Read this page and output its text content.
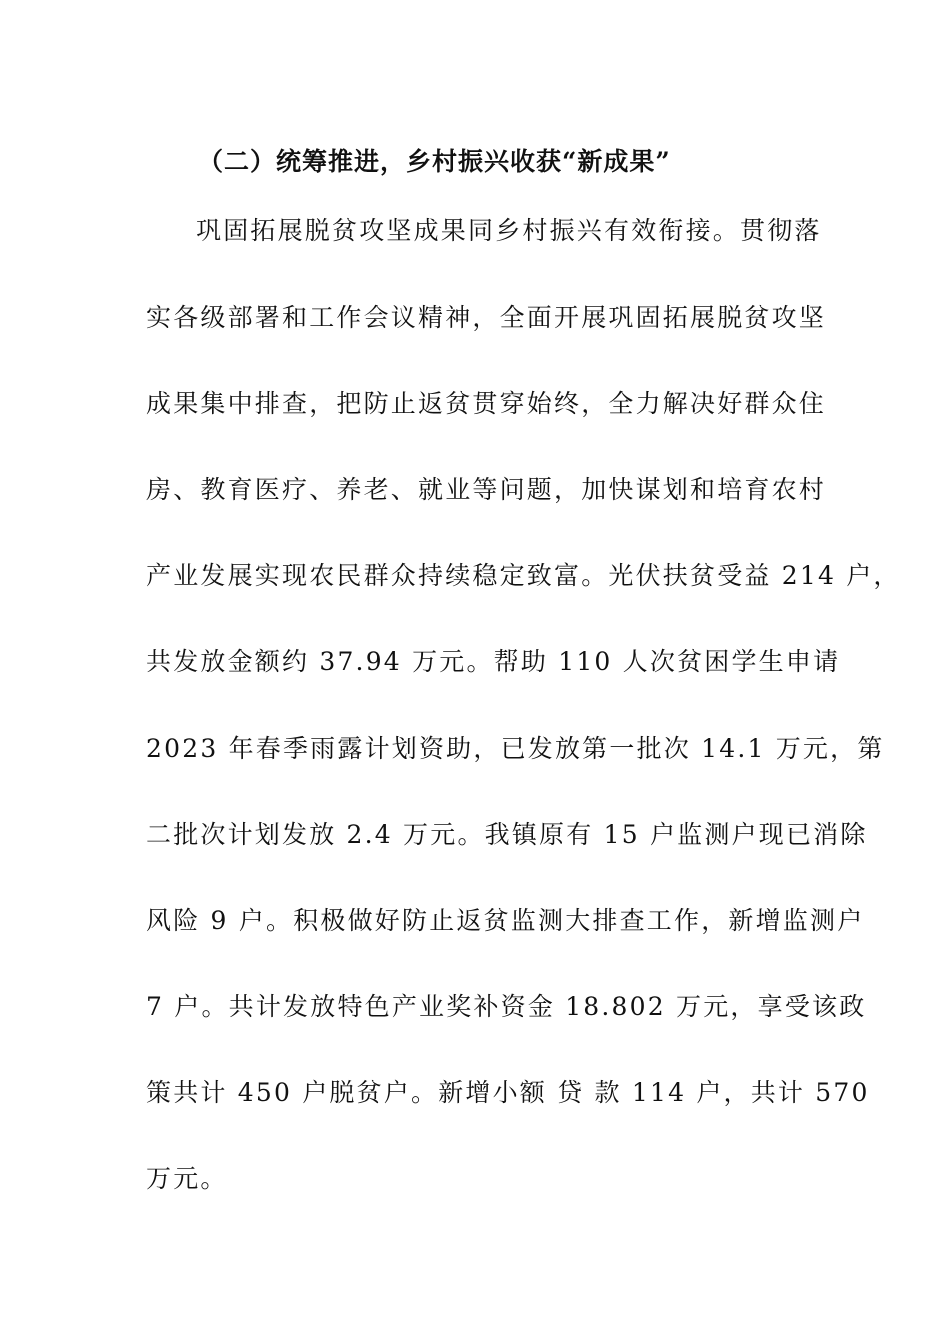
（二）统筹推进，乡村振兴收获“新成果”
巩固拓展脱贫攻坚成果同乡村振兴有效衔接。贯彻落
实各级部署和工作会议精神，全面开展巩固拓展脱贫攻坚
成果集中排查，把防止返贫贯穿始终，全力解决好群众住
房、教育医疗、养老、就业等问题，加快谋划和培育农村
产业发展实现农民群众持续稳定致富。光伏扶贫受益 214 户，
共发放金额约 37.94 万元。帮助 110 人次贫困学生申请
2023 年春季雨露计划资助，已发放第一批次 14.1 万元，第
二批次计划发放 2.4 万元。我镇原有 15 户监测户现已消除
风险 9 户。积极做好防止返贫监测大排查工作，新增监测户
7 户。共计发放特色产业奖补资金 18.802 万元，享受该政
策共计 450 户脱贫户。新增小额 贷 款 114 户，共计 570
万元。
